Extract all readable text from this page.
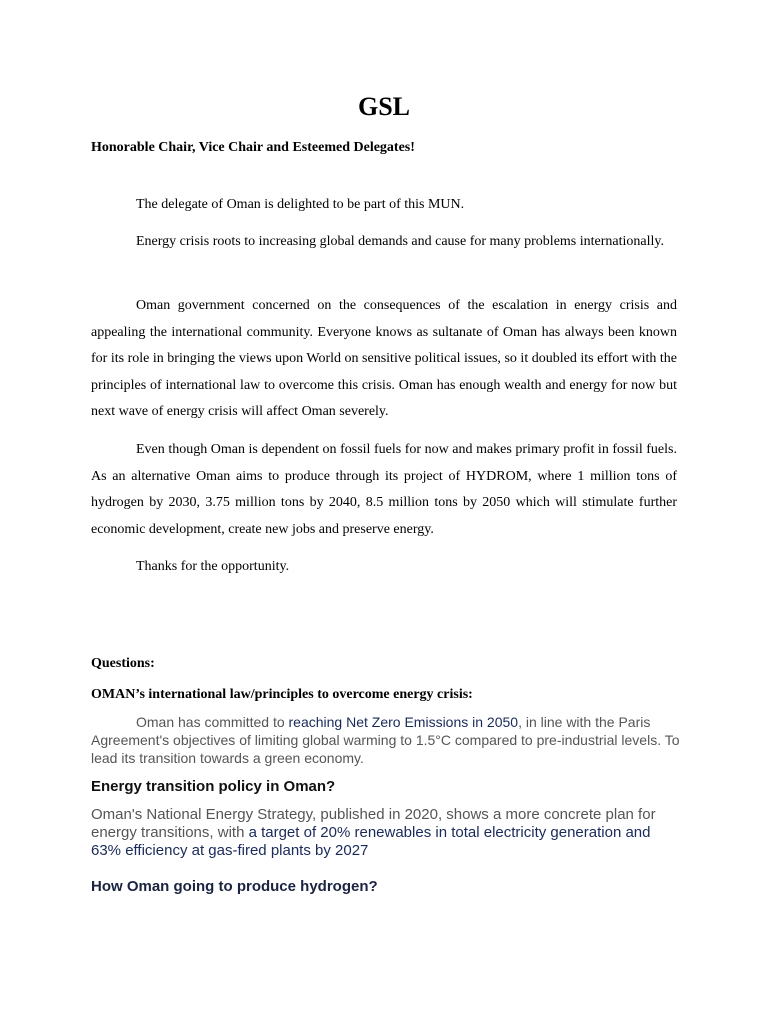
GSL
Honorable Chair, Vice Chair and Esteemed Delegates!

The delegate of Oman is delighted to be part of this MUN.

Energy crisis roots to increasing global demands and cause for many problems internationally.

Oman government concerned on the consequences of the escalation in energy crisis and appealing the international community. Everyone knows as sultanate of Oman has always been known for its role in bringing the views upon World on sensitive political issues, so it doubled its effort with the principles of international law to overcome this crisis. Oman has enough wealth and energy for now but next wave of energy crisis will affect Oman severely.

Even though Oman is dependent on fossil fuels for now and makes primary profit in fossil fuels. As an alternative Oman aims to produce through its project of HYDROM, where 1 million tons of hydrogen by 2030, 3.75 million tons by 2040, 8.5 million tons by 2050 which will stimulate further economic development, create new jobs and preserve energy.

Thanks for the opportunity.

Questions:

OMAN’s international law/principles to overcome energy crisis:

Oman has committed to reaching Net Zero Emissions in 2050, in line with the Paris Agreement's objectives of limiting global warming to 1.5°C compared to pre-industrial levels. To lead its transition towards a green economy.

Energy transition policy in Oman?

Oman's National Energy Strategy, published in 2020, shows a more concrete plan for energy transitions, with a target of 20% renewables in total electricity generation and 63% efficiency at gas-fired plants by 2027

How Oman going to produce hydrogen?
